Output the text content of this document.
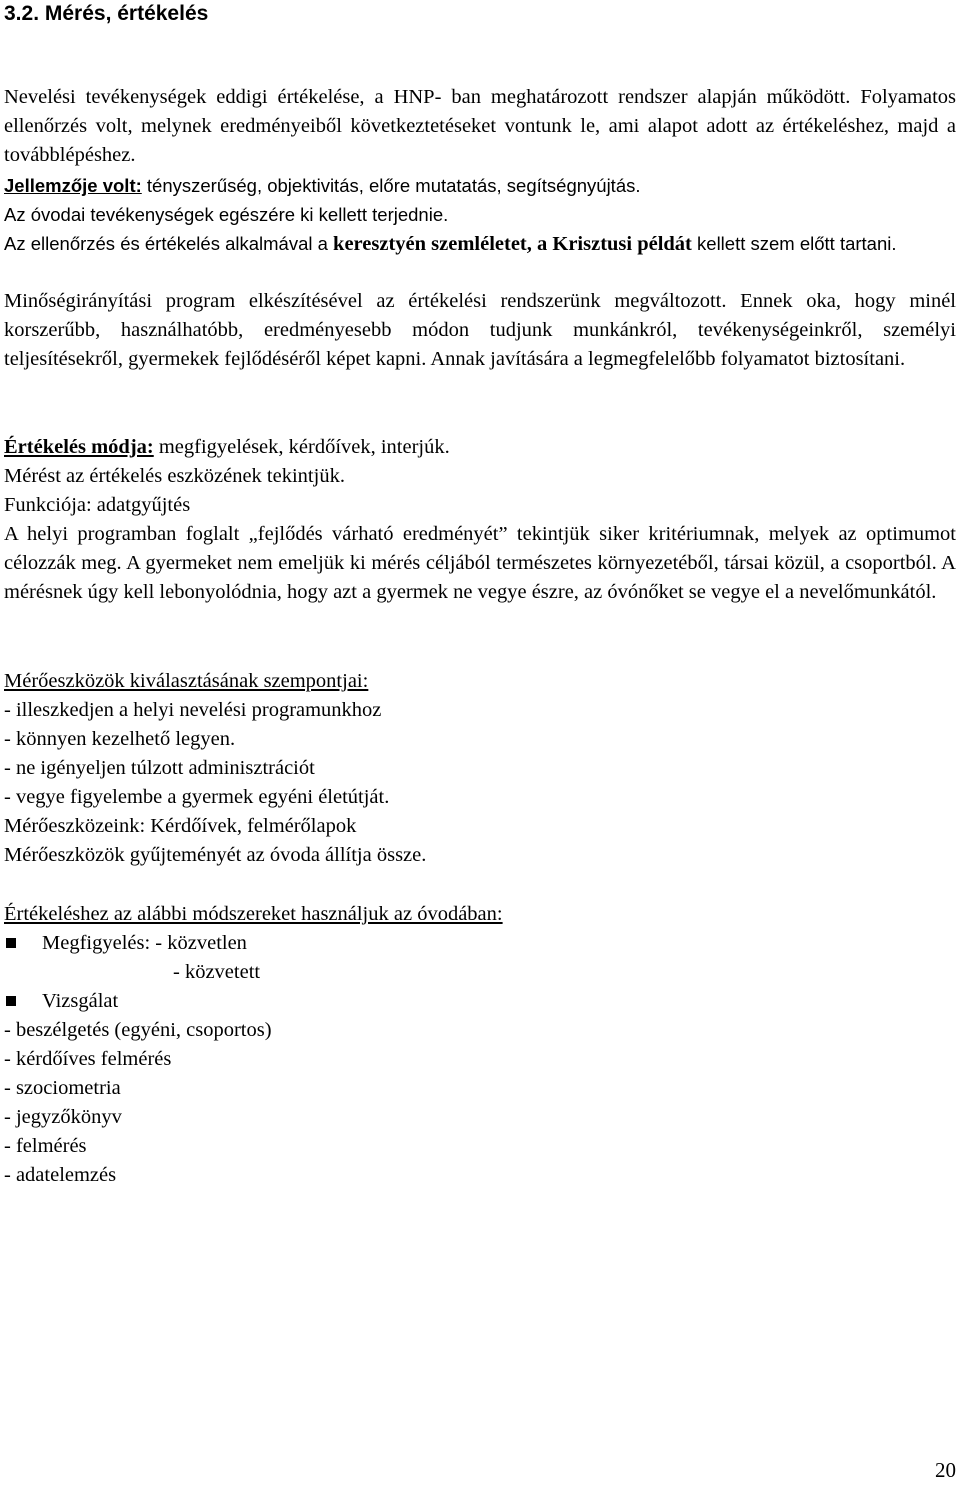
3.2. Mérés, értékelés
Nevelési tevékenységek eddigi értékelése, a HNP- ban meghatározott rendszer alapján működött. Folyamatos ellenőrzés volt, melynek eredményeiből következtetéseket vontunk le, ami alapot adott az értékeléshez, majd a továbblépéshez.
Jellemzője volt: tényszerűség, objektivitás, előre mutatatás, segítségnyújtás.
Az óvodai tevékenységek egészére ki kellett terjednie.
Az ellenőrzés és értékelés alkalmával a keresztyén szemléletet, a Krisztusi példát kellett szem előtt tartani.
Minőségirányítási program elkészítésével az értékelési rendszerünk megváltozott. Ennek oka, hogy minél korszerűbb, használhatóbb, eredményesebb módon tudjunk munkánkról, tevékenységeinkről, személyi teljesítésekről, gyermekek fejlődéséről képet kapni. Annak javítására a legmegfelelőbb folyamatot biztosítani.
Értékelés módja: megfigyelések, kérdőívek, interjúk.
Mérést az értékelés eszközének tekintjük.
Funkciója: adatgyűjtés
A helyi programban foglalt „fejlődés várható eredményét” tekintjük siker kritériumnak, melyek az optimumot célozzák meg. A gyermeket nem emeljük ki mérés céljából természetes környezetéből, társai közül, a csoportból. A mérésnek úgy kell lebonyolódnia, hogy azt a gyermek ne vegye észre, az óvónőket se vegye el a nevelőmunkától.
Mérőeszközök kiválasztásának szempontjai:
- illeszkedjen a helyi nevelési programunkhoz
- könnyen kezelhető legyen.
- ne igényeljen túlzott adminisztrációt
- vegye figyelembe a gyermek egyéni életútját.
Mérőeszközeink: Kérdőívek, felmérőlapok
Mérőeszközök gyűjteményét az óvoda állítja össze.
Értékeléshez az alábbi módszereket használjuk az óvodában:
Megfigyelés: - közvetlen
- közvetett
Vizsgálat
- beszélgetés (egyéni, csoportos)
- kérdőíves felmérés
- szociometria
- jegyzőkönyv
- felmérés
- adatelemzés
20
